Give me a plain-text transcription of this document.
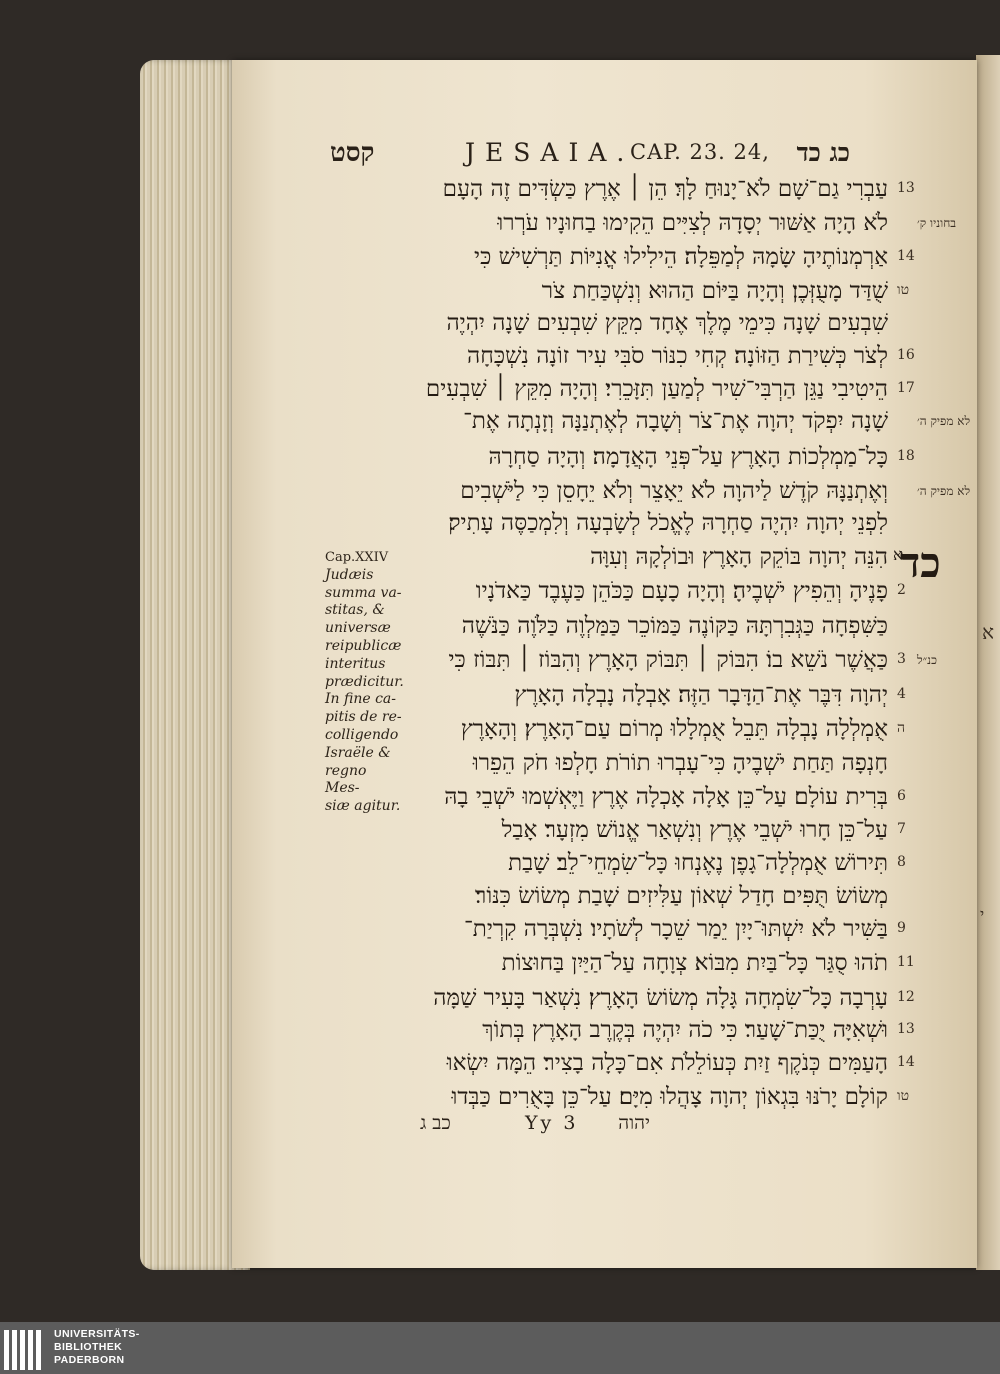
קסט	JESAIA.
CAP. 23. 24, כג כד
עַבְרִי גַם־שָׁם לֹא־יָנוּחַ לָךְ׃ הֵן ׀ אֶרֶץ כַּשְׂדִּים זֶה הָעָם 13
לֹא הָיָה אַשּׁוּר יְסָדָהּ לְצִיִּים הֵקִימוּ בַחוּנָיו עֹרְרוּ בחוניו ק׳
אַרְמְנוֹתֶיהָ שָׂמָהּ לְמַפֵּלָה׃ הֵילִילוּ אֳנִיּוֹת תַּרְשִׁישׁ כִּי 14
שֻׁדַּד מָעֻזְּכֶן׃ וְהָיָה בַּיּוֹם הַהוּא וְנִשְׁכַּחַת צֹר טו
שִׁבְעִים שָׁנָה כִּימֵי מֶלֶךְ אֶחָד מִקֵּץ שִׁבְעִים שָׁנָה יִהְיֶה
לְצֹר כְּשִׁירַת הַזּוֹנָה׃ קְחִי כִנּוֹר סֹבִּי עִיר זוֹנָה נִשְׁכָּחָה 16
הֵיטִיבִי נַגֵּן הַרְבִּי־שִׁיר לְמַעַן תִּזָּכֵרִי׃ וְהָיָה מִקֵּץ ׀ שִׁבְעִים 17
שָׁנָה יִפְקֹד יְהוָה אֶת־צֹר וְשָׁבָה לְאֶתְנַנָּה וְזָנְתָה אֶת־ לא מפיק ה׳
כָּל־מַמְלְכוֹת הָאָרֶץ עַל־פְּנֵי הָאֲדָמָה׃ וְהָיָה סַחְרָהּ 18
וְאֶתְנַנָּהּ קֹדֶשׁ לַיהוָה לֹא יֵאָצֵר וְלֹא יֵחָסֵן כִּי לַיֹּשְׁבִים לא מפיק ה׳
לִפְנֵי יְהוָה יִהְיֶה סַחְרָהּ לֶאֱכֹל לְשָׂבְעָה וְלִמְכַסֶּה עָתִיק׃
הִנֵּה יְהוָה בּוֹקֵק הָאָרֶץ וּבוֹלְקָהּ וְעִוָּה
פָנֶיהָ וְהֵפִיץ יֹשְׁבֶיהָ׃ וְהָיָה כָעָם כַּכֹּהֵן כַּעֶבֶד כַּאדֹנָיו 2
כַּשִּׁפְחָה כַּגְּבִרְתָּהּ כַּקּוֹנֶה כַּמּוֹכֵר כַּמַּלְוֶה כַּלֹּוֶה כַּנֹּשֶׁה
כַּאֲשֶׁר נֹשֵׁא בוֹ׃ הִבּוֹק ׀ תִּבּוֹק הָאָרֶץ וְהִבּוֹז ׀ תִּבּוֹז כִּי 3 כנ״ל
יְהוָה דִּבֶּר אֶת־הַדָּבָר הַזֶּה׃ אָבְלָה נָבְלָה הָאָרֶץ 4
אֻמְלְלָה נָבְלָה תֵּבֵל אֻמְלָלוּ מְרוֹם עַם־הָאָרֶץ׃ וְהָאָרֶץ ה
חָנְפָה תַּחַת יֹשְׁבֶיהָ כִּי־עָבְרוּ תוֹרֹת חָלְפוּ חֹק הֵפֵרוּ
בְּרִית עוֹלָם׃ עַל־כֵּן אָלָה אָכְלָה אֶרֶץ וַיֶּאְשְׁמוּ יֹשְׁבֵי בָהּ 6
עַל־כֵּן חָרוּ יֹשְׁבֵי אֶרֶץ וְנִשְׁאַר אֱנוֹשׁ מִזְעָר׃ אָבַל 7
תִּירוֹשׁ אֻמְלְלָה־גָפֶן נֶאֶנְחוּ כָּל־שִׂמְחֵי־לֵב׃ שָׁבַת 8
מְשׂוֹשׂ תֻּפִּים חָדַל שְׁאוֹן עַלִּיזִים שָׁבַת מְשׂוֹשׂ כִּנּוֹר׃
בַּשִּׁיר לֹא יִשְׁתּוּ־יָיִן יֵמַר שֵׁכָר לְשֹׁתָיו׃ נִשְׁבְּרָה קִרְיַת־ 9
תֹהוּ סֻגַּר כָּל־בַּיִת מִבּוֹא׃ צְוָחָה עַל־הַיַּיִן בַּחוּצוֹת 11
עָרְבָה כָּל־שִׂמְחָה גָּלָה מְשׂוֹשׂ הָאָרֶץ׃ נִשְׁאַר בָּעִיר שַׁמָּה 12
וּשְׁאִיָּה יֻכַּת־שָׁעַר׃ כִּי כֹה יִהְיֶה בְּקֶרֶב הָאָרֶץ בְּתוֹךְ 13
הָעַמִּים כְּנֹקֶף זַיִת כְּעוֹלֵלֹת אִם־כָּלָה בָצִיר׃ הֵמָּה יִשְׂאוּ 14
קוֹלָם יָרֹנּוּ בִּגְאוֹן יְהוָה צָהֲלוּ מִיָּם׃ עַל־כֵּן בָּאֻרִים כַּבְּדוּ טו
א
כד
Cap.XXIV
Judæis
summa va-
stitas, &
universæ
reipublicæ
interitus
prædicitur.
In fine ca-
pitis de re-
colligendo
Israële &
regno Mes-
siæ agitur.
א
י
כב ג	Yy 3 יהוה
UNIVERSITÄTS-
BIBLIOTHEK
PADERBORN
